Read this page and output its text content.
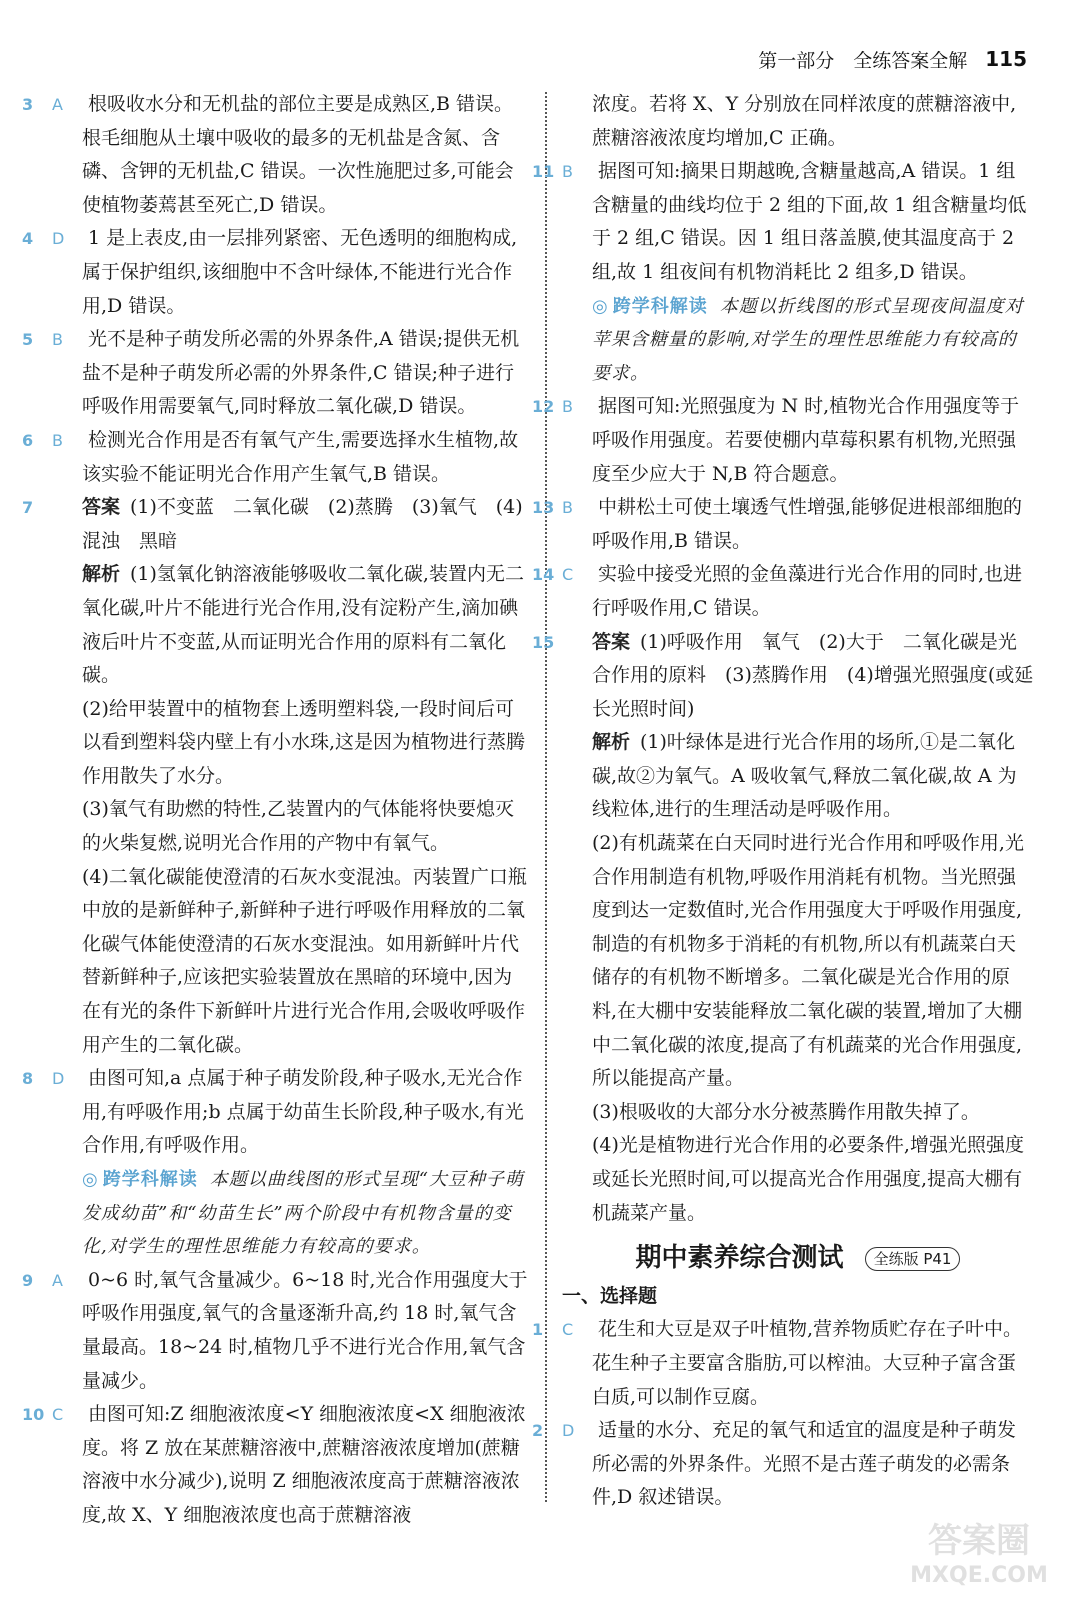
第一部分　全练答案全解 115

3 A 根吸收水分和无机盐的部位主要是成熟区,B 错误。根毛细胞从土壤中吸收的最多的无机盐是含氮、含磷、含钾的无机盐,C 错误。一次性施肥过多,可能会使植物萎蔫甚至死亡,D 错误。

4 D 1 是上表皮,由一层排列紧密、无色透明的细胞构成,属于保护组织,该细胞中不含叶绿体,不能进行光合作用,D 错误。

5 B 光不是种子萌发所必需的外界条件,A 错误;提供无机盐不是种子萌发所必需的外界条件,C 错误;种子进行呼吸作用需要氧气,同时释放二氧化碳,D 错误。

6 B 检测光合作用是否有氧气产生,需要选择水生植物,故该实验不能证明光合作用产生氧气,B 错误。

7	答案 (1)不变蓝　二氧化碳　(2)蒸腾　(3)氧气　(4)混浊　黑暗

解析 (1)氢氧化钠溶液能够吸收二氧化碳,装置内无二氧化碳,叶片不能进行光合作用,没有淀粉产生,滴加碘液后叶片不变蓝,从而证明光合作用的原料有二氧化碳。

(2)给甲装置中的植物套上透明塑料袋,一段时间后可以看到塑料袋内壁上有小水珠,这是因为植物进行蒸腾作用散失了水分。

(3)氧气有助燃的特性,乙装置内的气体能将快要熄灭的火柴复燃,说明光合作用的产物中有氧气。

(4)二氧化碳能使澄清的石灰水变混浊。丙装置广口瓶中放的是新鲜种子,新鲜种子进行呼吸作用释放的二氧化碳气体能使澄清的石灰水变混浊。如用新鲜叶片代替新鲜种子,应该把实验装置放在黑暗的环境中,因为在有光的条件下新鲜叶片进行光合作用,会吸收呼吸作用产生的二氧化碳。

8 D 由图可知,a 点属于种子萌发阶段,种子吸水,无光合作用,有呼吸作用;b 点属于幼苗生长阶段,种子吸水,有光合作用,有呼吸作用。

◎ 跨学科解读 本题以曲线图的形式呈现“大豆种子萌发成幼苗”和“幼苗生长”两个阶段中有机物含量的变化,对学生的理性思维能力有较高的要求。

9 A 0~6 时,氧气含量减少。6~18 时,光合作用强度大于呼吸作用强度,氧气的含量逐渐升高,约 18 时,氧气含量最高。18~24 时,植物几乎不进行光合作用,氧气含量减少。

10 C 由图可知:Z 细胞液浓度<Y 细胞液浓度<X 细胞液浓度。将 Z 放在某蔗糖溶液中,蔗糖溶液浓度增加(蔗糖溶液中水分减少),说明 Z 细胞液浓度高于蔗糖溶液浓度,故 X、Y 细胞液浓度也高于蔗糖溶液

浓度。若将 X、Y 分别放在同样浓度的蔗糖溶液中,蔗糖溶液浓度均增加,C 正确。

11 B 据图可知:摘果日期越晚,含糖量越高,A 错误。1 组含糖量的曲线均位于 2 组的下面,故 1 组含糖量均低于 2 组,C 错误。因 1 组日落盖膜,使其温度高于 2 组,故 1 组夜间有机物消耗比 2 组多,D 错误。

◎ 跨学科解读 本题以折线图的形式呈现夜间温度对苹果含糖量的影响,对学生的理性思维能力有较高的要求。

12 B 据图可知:光照强度为 N 时,植物光合作用强度等于呼吸作用强度。若要使棚内草莓积累有机物,光照强度至少应大于 N,B 符合题意。

13 B 中耕松土可使土壤透气性增强,能够促进根部细胞的呼吸作用,B 错误。

14 C 实验中接受光照的金鱼藻进行光合作用的同时,也进行呼吸作用,C 错误。

15 答案 (1)呼吸作用　氧气　(2)大于　二氧化碳是光合作用的原料　(3)蒸腾作用　(4)增强光照强度(或延长光照时间)

解析 (1)叶绿体是进行光合作用的场所,①是二氧化碳,故②为氧气。A 吸收氧气,释放二氧化碳,故 A 为线粒体,进行的生理活动是呼吸作用。

(2)有机蔬菜在白天同时进行光合作用和呼吸作用,光合作用制造有机物,呼吸作用消耗有机物。当光照强度到达一定数值时,光合作用强度大于呼吸作用强度,制造的有机物多于消耗的有机物,所以有机蔬菜白天储存的有机物不断增多。二氧化碳是光合作用的原料,在大棚中安装能释放二氧化碳的装置,增加了大棚中二氧化碳的浓度,提高了有机蔬菜的光合作用强度,所以能提高产量。

(3)根吸收的大部分水分被蒸腾作用散失掉了。

(4)光是植物进行光合作用的必要条件,增强光照强度或延长光照时间,可以提高光合作用强度,提高大棚有机蔬菜产量。

期中素养综合测试 全练版 P41

一、选择题

1 C 花生和大豆是双子叶植物,营养物质贮存在子叶中。花生种子主要富含脂肪,可以榨油。大豆种子富含蛋白质,可以制作豆腐。

2 D 适量的水分、充足的氧气和适宜的温度是种子萌发所必需的外界条件。光照不是古莲子萌发的必需条件,D 叙述错误。

答案圈
MXQE.COM
